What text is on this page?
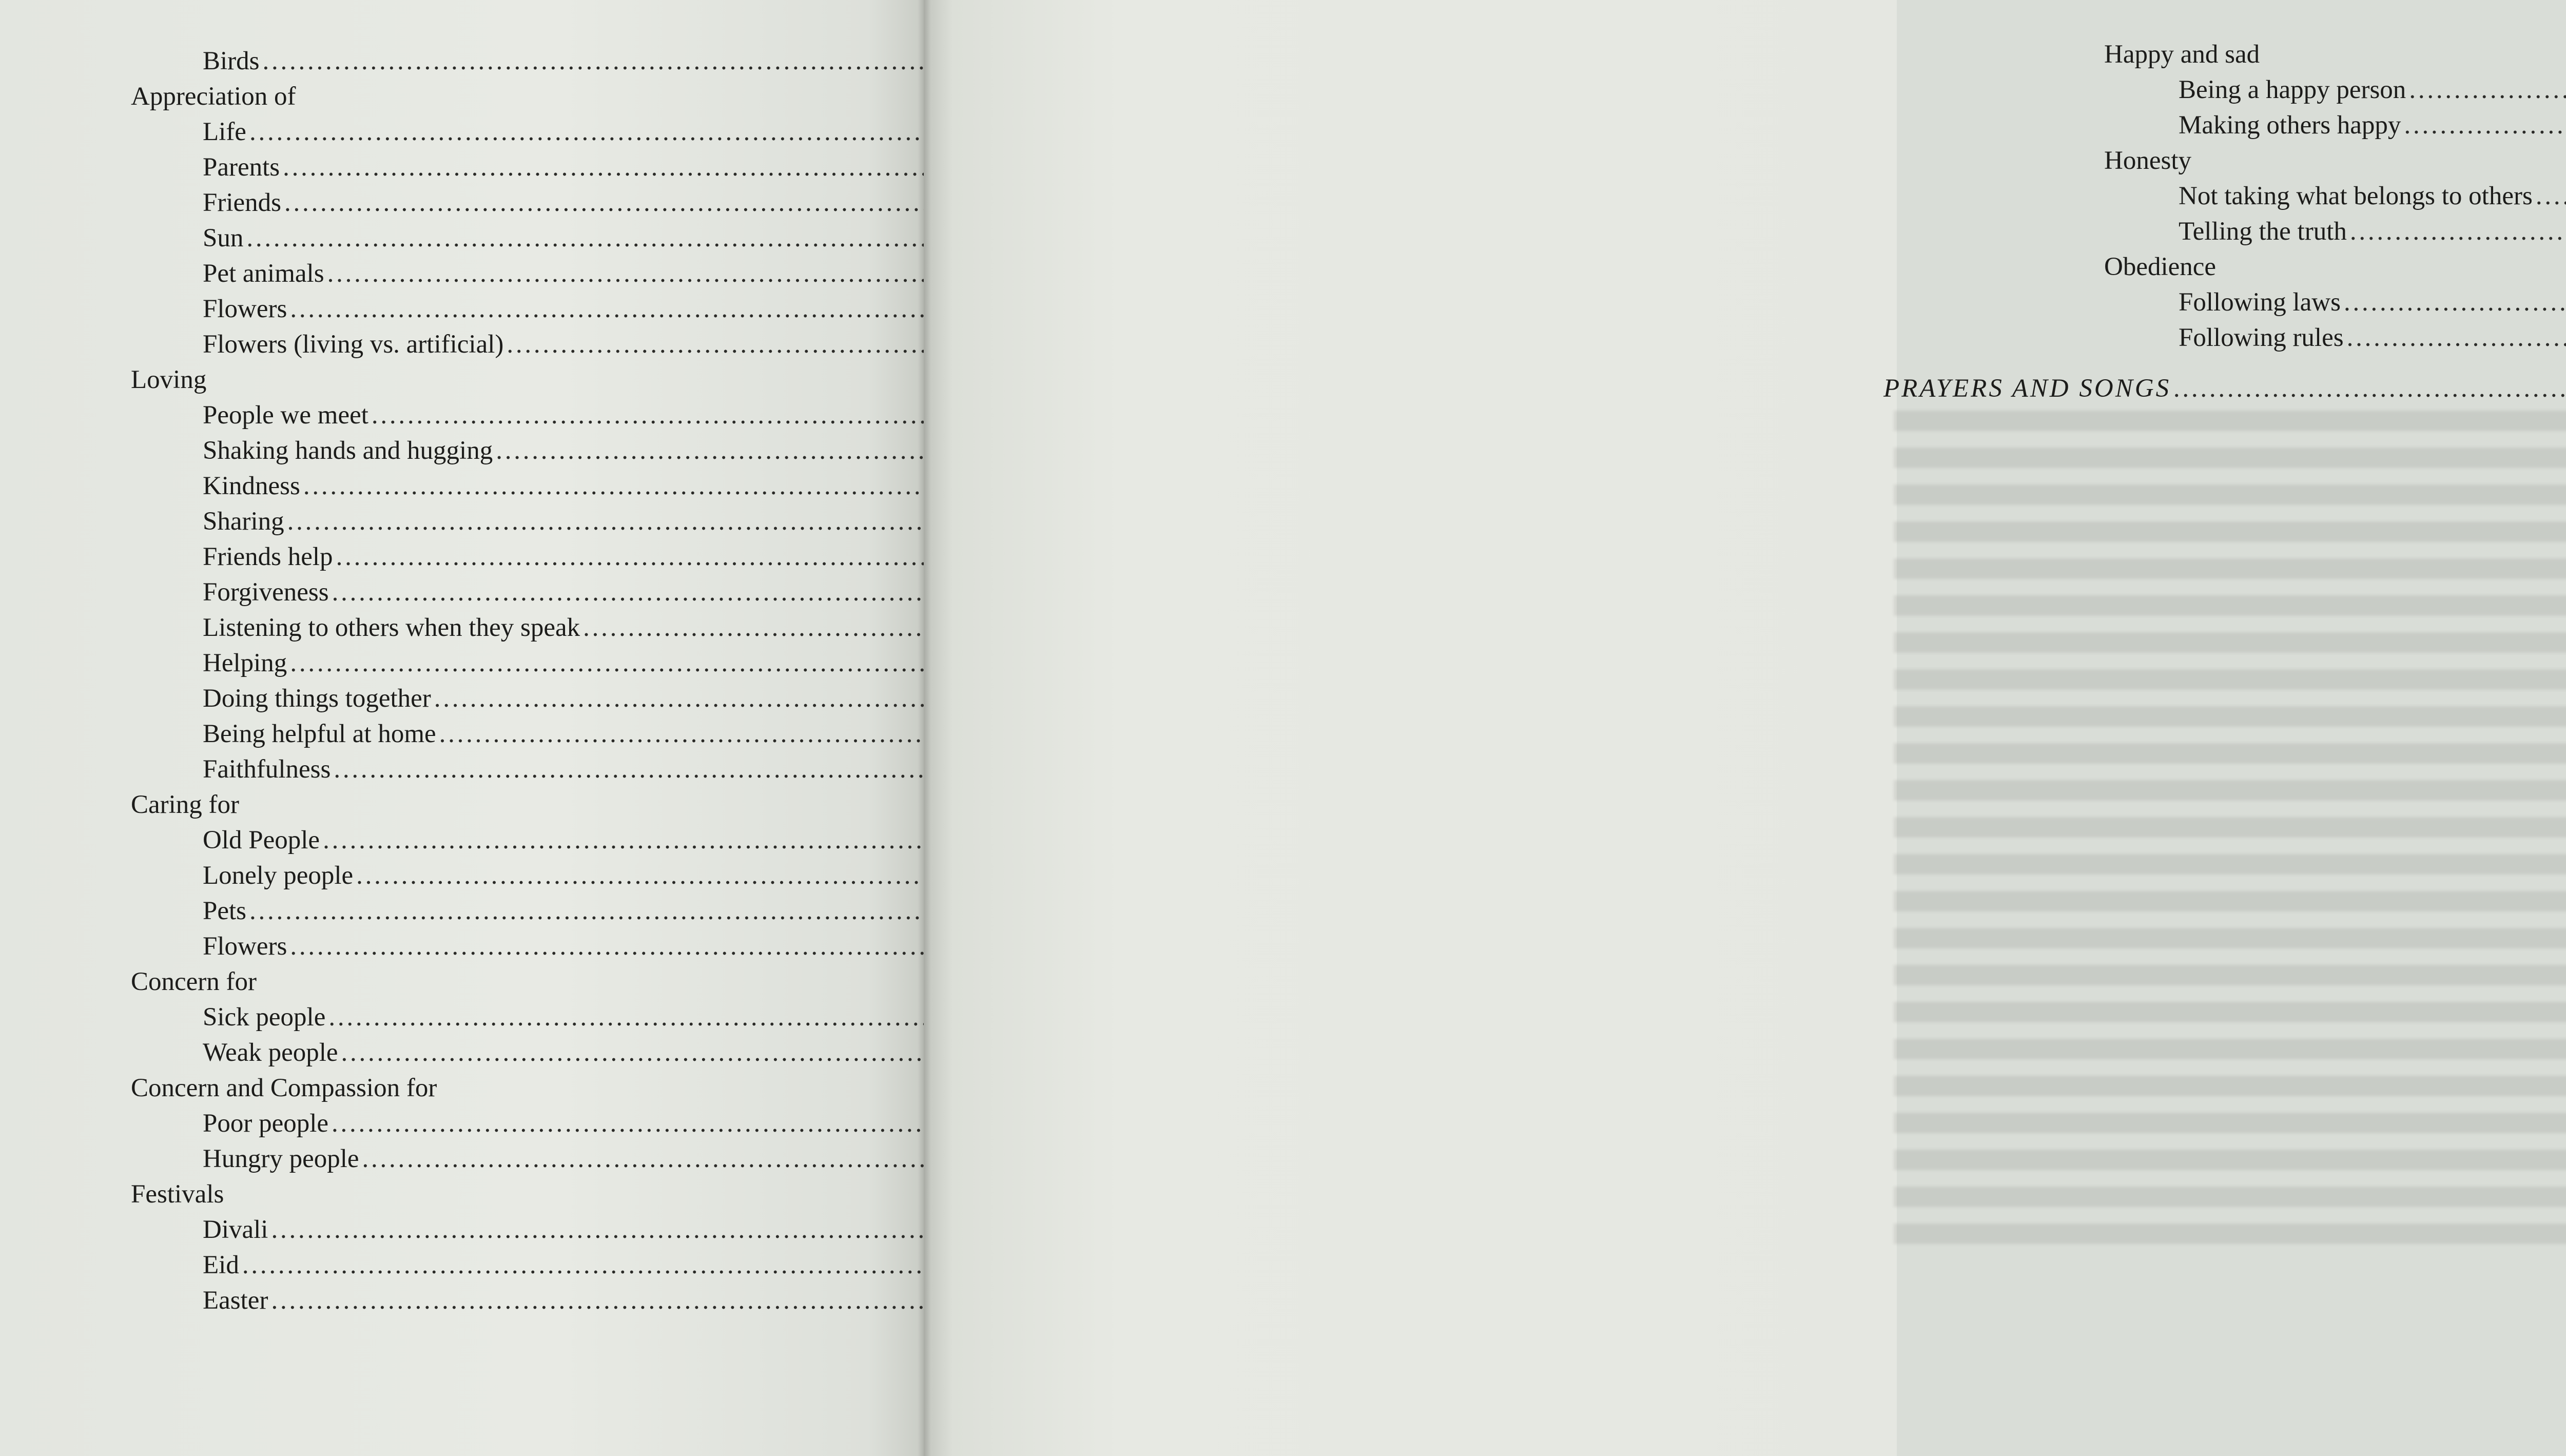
Birds
. . .
Appreciation of
Life
. . .
Parents
. . .
Friends
. . .
Sun
. . .
Pet animals
. . .
Flowers
. . .
Flowers (living vs. artificial)
. . .
Loving
People we meet
. . .
Shaking hands and hugging
. . .
Kindness
. . .
Sharing
. . .
Friends help
. . .
Forgiveness
. . .
Listening to others when they speak
. . .
Helping
. . .
Doing things together
. . .
Being helpful at home
. . .
Faithfulness
. . .
Caring for
Old People
. . .
Lonely people
. . .
Pets
. . .
Flowers
. . .
Concern for
Sick people
. . .
Weak people
. . .
Concern and Compassion for
Poor people
. . .
Hungry people
. . .
Festivals
Divali
. . .
Eid
. . .
Easter
. . .
Happy and sad
Being a happy person
. . .
Making others happy
. . .
Honesty
Not taking what belongs to others
. . .
Telling the truth
. . .
Obedience
Following laws
. . .
Following rules
. . .
PRAYERS AND SONGS
. . .
